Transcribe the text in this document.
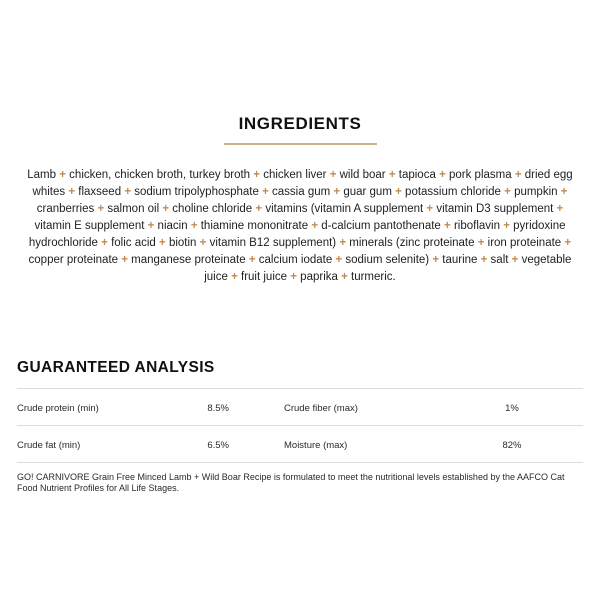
INGREDIENTS

Lamb + chicken, chicken broth, turkey broth + chicken liver + wild boar + tapioca + pork plasma + dried egg whites + flaxseed + sodium tripolyphosphate + cassia gum + guar gum + potassium chloride + pumpkin + cranberries + salmon oil + choline chloride + vitamins (vitamin A supplement + vitamin D3 supplement + vitamin E supplement + niacin + thiamine mononitrate + d-calcium pantothenate + riboflavin + pyridoxine hydrochloride + folic acid + biotin + vitamin B12 supplement) + minerals (zinc proteinate + iron proteinate + copper proteinate + manganese proteinate + calcium iodate + sodium selenite) + taurine + salt + vegetable juice + fruit juice + paprika + turmeric.

GUARANTEED ANALYSIS
Crude protein (min)	8.5%	Crude fiber (max)	1%
Crude fat (min)	6.5%	Moisture (max)	82%

GO! CARNIVORE Grain Free Minced Lamb + Wild Boar Recipe is formulated to meet the nutritional levels established by the AAFCO Cat Food Nutrient Profiles for All Life Stages.
